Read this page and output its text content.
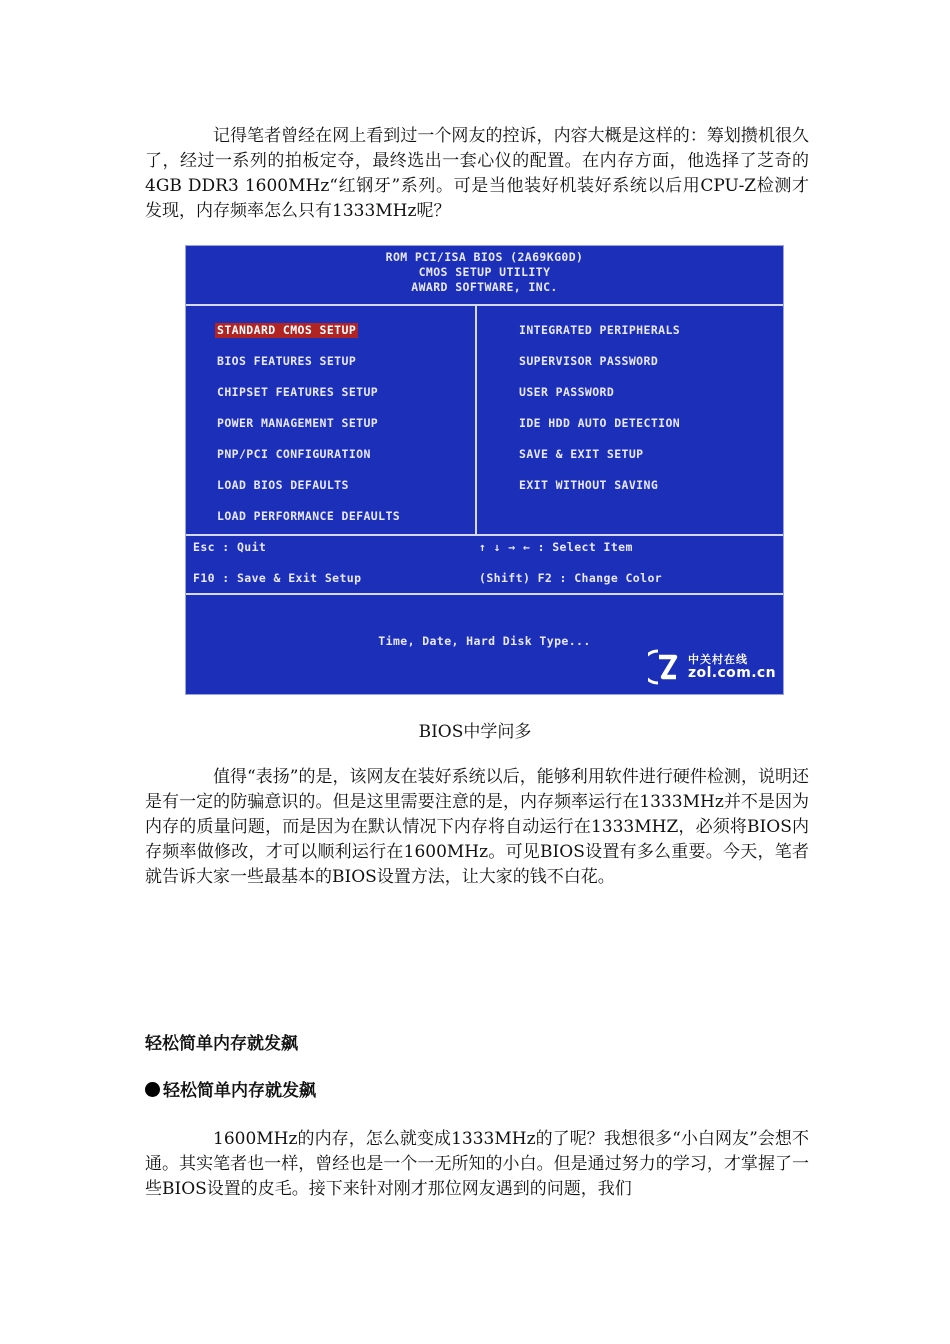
记得笔者曾经在网上看到过一个网友的控诉，内容大概是这样的：筹划攒机很久了，经过一系列的拍板定夺，最终选出一套心仪的配置。在内存方面，他选择了芝奇的4GB DDR3 1600MHz“红钢牙”系列。可是当他装好机装好系统以后用CPU-Z检测才发现，内存频率怎么只有1333MHz呢？

ROM PCI/ISA BIOS (2A69KG0D)
CMOS SETUP UTILITY
AWARD SOFTWARE, INC.
STANDARD CMOS SETUP
BIOS FEATURES SETUP
CHIPSET FEATURES SETUP
POWER MANAGEMENT SETUP
PNP/PCI CONFIGURATION
LOAD BIOS DEFAULTS
LOAD PERFORMANCE DEFAULTS
INTEGRATED PERIPHERALS
SUPERVISOR PASSWORD
USER PASSWORD
IDE HDD AUTO DETECTION
SAVE & EXIT SETUP
EXIT WITHOUT SAVING
Esc : Quit	↑ ↓ → ← : Select Item
F10 : Save & Exit Setup	(Shift) F2 : Change Color
Time, Date, Hard Disk Type...
中关村在线
zol.com.cn
BIOS中学问多

值得“表扬”的是，该网友在装好系统以后，能够利用软件进行硬件检测，说明还是有一定的防骗意识的。但是这里需要注意的是，内存频率运行在1333MHz并不是因为内存的质量问题，而是因为在默认情况下内存将自动运行在1333MHZ，必须将BIOS内存频率做修改，才可以顺利运行在1600MHz。可见BIOS设置有多么重要。今天，笔者就告诉大家一些最基本的BIOS设置方法，让大家的钱不白花。

轻松简单内存就发飙
轻松简单内存就发飙

1600MHz的内存，怎么就变成1333MHz的了呢？我想很多“小白网友”会想不通。其实笔者也一样，曾经也是一个一无所知的小白。但是通过努力的学习，才掌握了一些BIOS设置的皮毛。接下来针对刚才那位网友遇到的问题，我们
